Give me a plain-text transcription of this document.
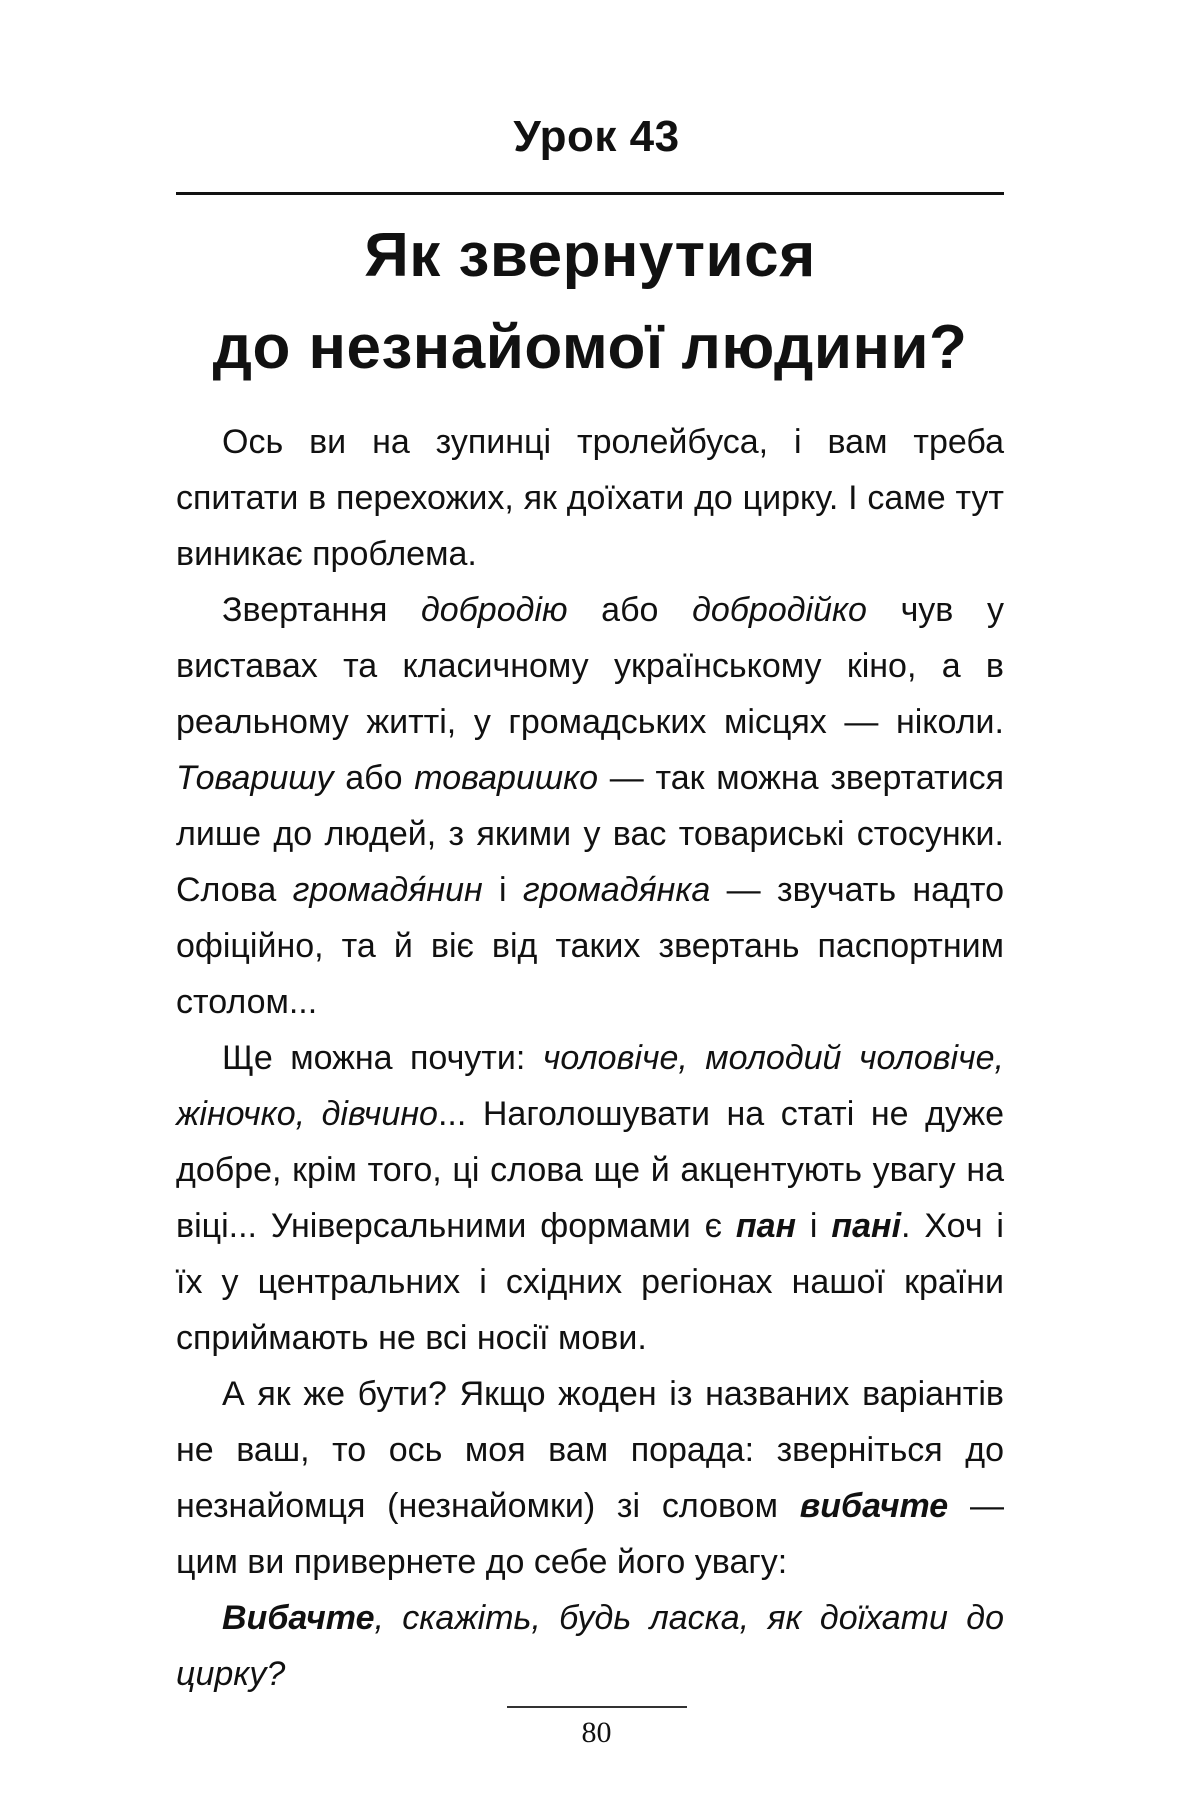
Урок 43
Як звернутися
до незнайомої людини?

Ось ви на зупинці тролейбуса, і вам треба спитати в перехожих, як доїхати до цирку. І саме тут виникає проблема.

Звертання добродію або добродійко чув у виставах та класичному українському кіно, а в реальному житті, у громадських місцях — ніколи. Товаришу або товаришко — так можна звертатися лише до людей, з якими у вас товариські стосунки. Слова громадя́нин і громадя́нка — звучать надто офіційно, та й віє від таких звертань паспортним столом...

Ще можна почути: чоловіче, молодий чоловіче, жіночко, дівчино... Наголошувати на статі не дуже добре, крім того, ці слова ще й акцентують увагу на віці... Універсальними формами є пан і пані. Хоч і їх у центральних і східних регіонах нашої країни сприймають не всі носії мови.

А як же бути? Якщо жоден із названих варіантів не ваш, то ось моя вам порада: зверніться до незнайомця (незнайомки) зі словом вибачте — цим ви привернете до себе його увагу:

Вибачте, скажіть, будь ласка, як доїхати до цирку?

80
